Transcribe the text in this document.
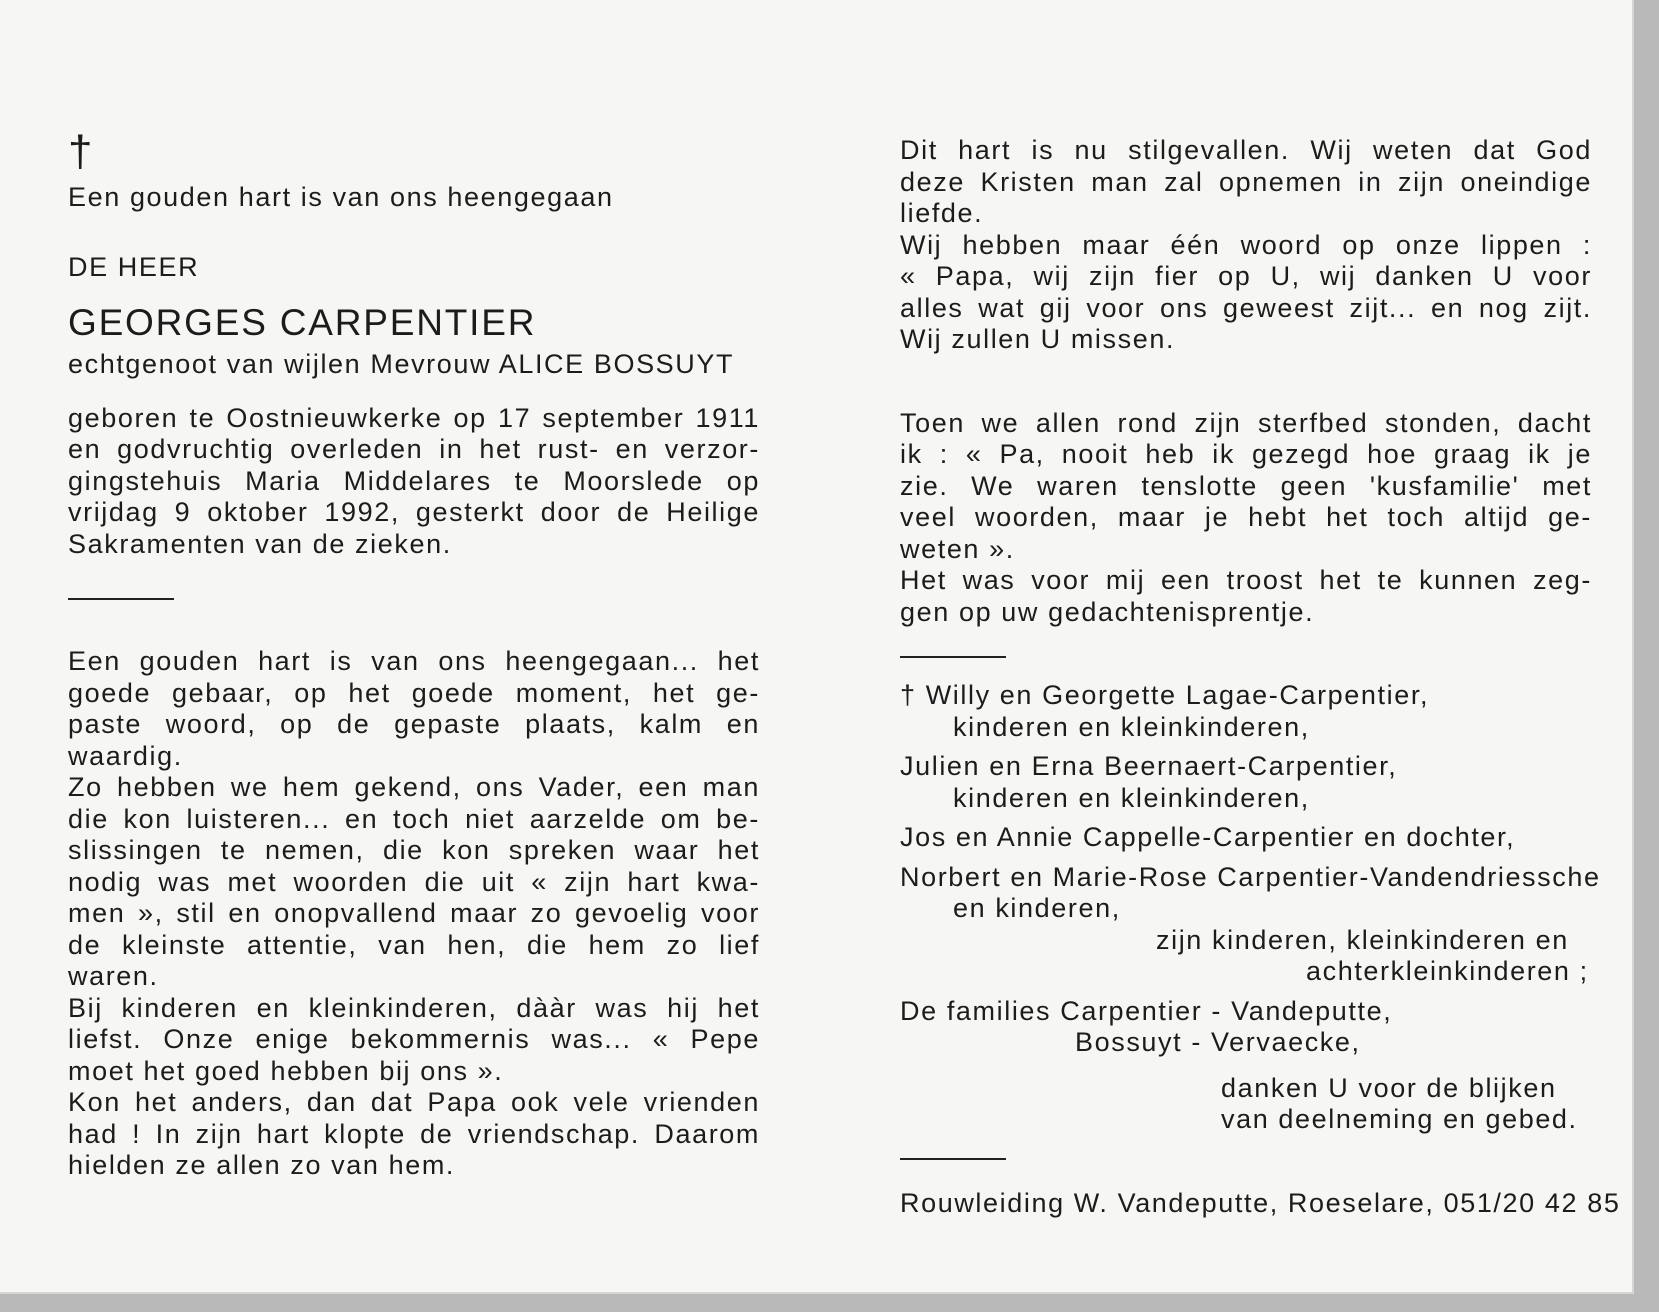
†
Een gouden hart is van ons heengegaan
DE HEER
GEORGES CARPENTIER
echtgenoot van wijlen Mevrouw ALICE BOSSUYT
geboren te Oostnieuwkerke op 17 september 1911
en godvruchtig overleden in het rust- en verzor-
gingstehuis Maria Middelares te Moorslede op
vrijdag 9 oktober 1992, gesterkt door de Heilige
Sakramenten van de zieken.
Een gouden hart is van ons heengegaan... het
goede gebaar, op het goede moment, het ge-
paste woord, op de gepaste plaats, kalm en
waardig.
Zo hebben we hem gekend, ons Vader, een man
die kon luisteren... en toch niet aarzelde om be-
slissingen te nemen, die kon spreken waar het
nodig was met woorden die uit « zijn hart kwa-
men », stil en onopvallend maar zo gevoelig voor
de kleinste attentie, van hen, die hem zo lief
waren.
Bij kinderen en kleinkinderen, dààr was hij het
liefst. Onze enige bekommernis was... « Pepe
moet het goed hebben bij ons ».
Kon het anders, dan dat Papa ook vele vrienden
had ! In zijn hart klopte de vriendschap. Daarom
hielden ze allen zo van hem.
Dit hart is nu stilgevallen. Wij weten dat God
deze Kristen man zal opnemen in zijn oneindige
liefde.
Wij hebben maar één woord op onze lippen :
« Papa, wij zijn fier op U, wij danken U voor
alles wat gij voor ons geweest zijt... en nog zijt.
Wij zullen U missen.
Toen we allen rond zijn sterfbed stonden, dacht
ik : « Pa, nooit heb ik gezegd hoe graag ik je
zie. We waren tenslotte geen 'kusfamilie' met
veel woorden, maar je hebt het toch altijd ge-
weten ».
Het was voor mij een troost het te kunnen zeg-
gen op uw gedachtenisprentje.
† Willy en Georgette Lagae-Carpentier,
kinderen en kleinkinderen,
Julien en Erna Beernaert-Carpentier,
kinderen en kleinkinderen,
Jos en Annie Cappelle-Carpentier en dochter,
Norbert en Marie-Rose Carpentier-Vandendriessche
en kinderen,
zijn kinderen, kleinkinderen en
achterkleinkinderen ;
De families Carpentier - Vandeputte,
Bossuyt - Vervaecke,
danken U voor de blijken
van deelneming en gebed.
Rouwleiding W. Vandeputte, Roeselare, 051/20 42 85
